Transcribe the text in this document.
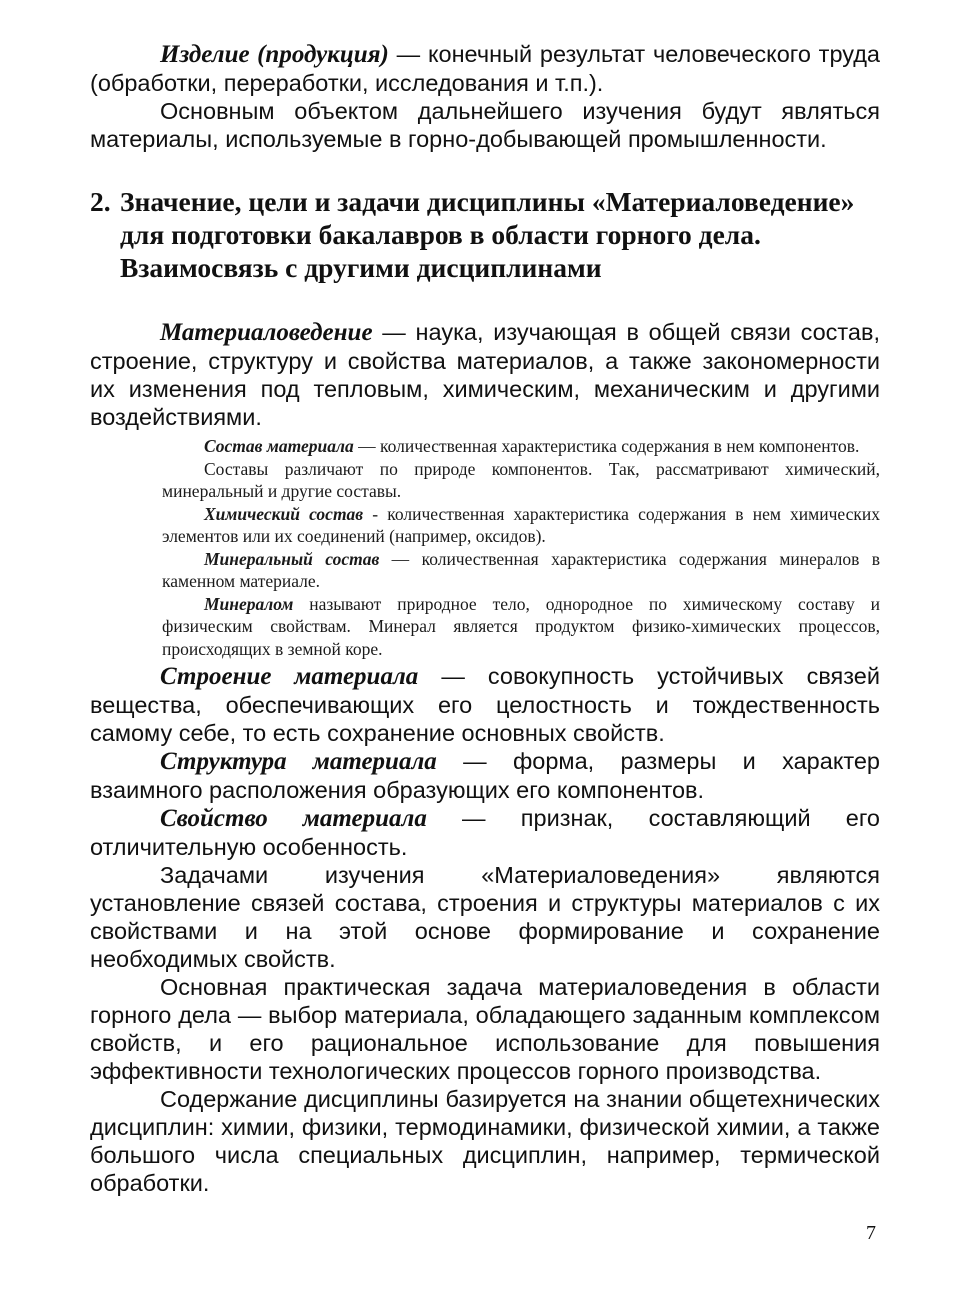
Изделие (продукция) — конечный результат человеческого труда (обработки, переработки, исследования и т.п.).

Основным объектом дальнейшего изучения будут являться материалы, используемые в горно-добывающей промышленности.

2. Значение, цели и задачи дисциплины «Материаловедение»
для подготовки бакалавров в области горного дела.
Взаимосвязь с другими дисциплинами

Материаловедение — наука, изучающая в общей связи состав, строение, структуру и свойства материалов, а также закономерности их изменения под тепловым, химическим, механическим и другими воздействиями.

Состав материала — количественная характеристика содержания в нем компонентов.

Составы различают по природе компонентов. Так, рассматривают химический, минеральный и другие составы.

Химический состав - количественная характеристика содержания в нем химических элементов или их соединений (например, оксидов).

Минеральный состав — количественная характеристика содержания минералов в каменном материале.

Минералом называют природное тело, однородное по химическому составу и физическим свойствам. Минерал является продуктом физико-химических процессов, происходящих в земной коре.

Строение материала — совокупность устойчивых связей вещества, обеспечивающих его целостность и тождественность самому себе, то есть сохранение основных свойств.

Структура материала — форма, размеры и характер взаимного расположения образующих его компонентов.

Свойство материала — признак, составляющий его отличительную особенность.

Задачами изучения «Материаловедения» являются установление связей состава, строения и структуры материалов с их свойствами и на этой основе формирование и сохранение необходимых свойств.

Основная практическая задача материаловедения в области горного дела — выбор материала, обладающего заданным комплексом свойств, и его рациональное использование для повышения эффективности технологических процессов горного производства.

Содержание дисциплины базируется на знании общетехнических дисциплин: химии, физики, термодинамики, физической химии, а также большого числа специальных дисциплин, например, термической обработки.

7
